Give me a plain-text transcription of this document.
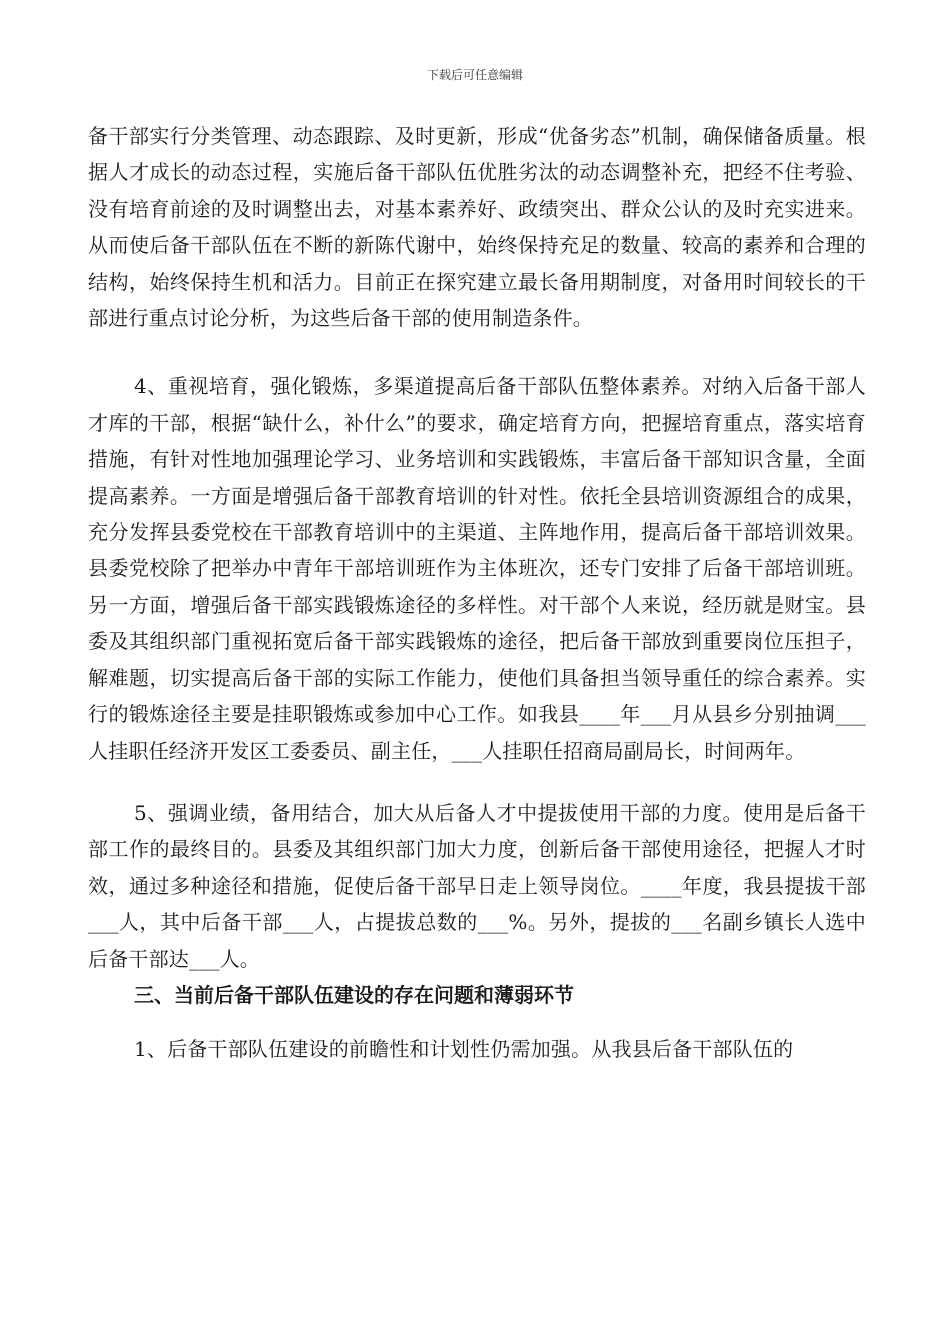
下载后可任意编辑

备干部实行分类管理、动态跟踪、及时更新，形成“优备劣态”机制，确保储备质量。根据人才成长的动态过程，实施后备干部队伍优胜劣汰的动态调整补充，把经不住考验、没有培育前途的及时调整出去，对基本素养好、政绩突出、群众公认的及时充实进来。从而使后备干部队伍在不断的新陈代谢中，始终保持充足的数量、较高的素养和合理的结构，始终保持生机和活力。目前正在探究建立最长备用期制度，对备用时间较长的干部进行重点讨论分析，为这些后备干部的使用制造条件。

4、重视培育，强化锻炼，多渠道提高后备干部队伍整体素养。对纳入后备干部人才库的干部，根据“缺什么，补什么”的要求，确定培育方向，把握培育重点，落实培育措施，有针对性地加强理论学习、业务培训和实践锻炼，丰富后备干部知识含量，全面提高素养。一方面是增强后备干部教育培训的针对性。依托全县培训资源组合的成果，充分发挥县委党校在干部教育培训中的主渠道、主阵地作用，提高后备干部培训效果。县委党校除了把举办中青年干部培训班作为主体班次，还专门安排了后备干部培训班。另一方面，增强后备干部实践锻炼途径的多样性。对干部个人来说，经历就是财宝。县委及其组织部门重视拓宽后备干部实践锻炼的途径，把后备干部放到重要岗位压担子，解难题，切实提高后备干部的实际工作能力，使他们具备担当领导重任的综合素养。实行的锻炼途径主要是挂职锻炼或参加中心工作。如我县____年___月从县乡分别抽调___人挂职任经济开发区工委委员、副主任，___人挂职任招商局副局长，时间两年。

5、强调业绩，备用结合，加大从后备人才中提拔使用干部的力度。使用是后备干部工作的最终目的。县委及其组织部门加大力度，创新后备干部使用途径，把握人才时效，通过多种途径和措施，促使后备干部早日走上领导岗位。____年度，我县提拔干部___人，其中后备干部___人，占提拔总数的___%。另外，提拔的___名副乡镇长人选中后备干部达___人。

三、当前后备干部队伍建设的存在问题和薄弱环节

1、后备干部队伍建设的前瞻性和计划性仍需加强。从我县后备干部队伍的
